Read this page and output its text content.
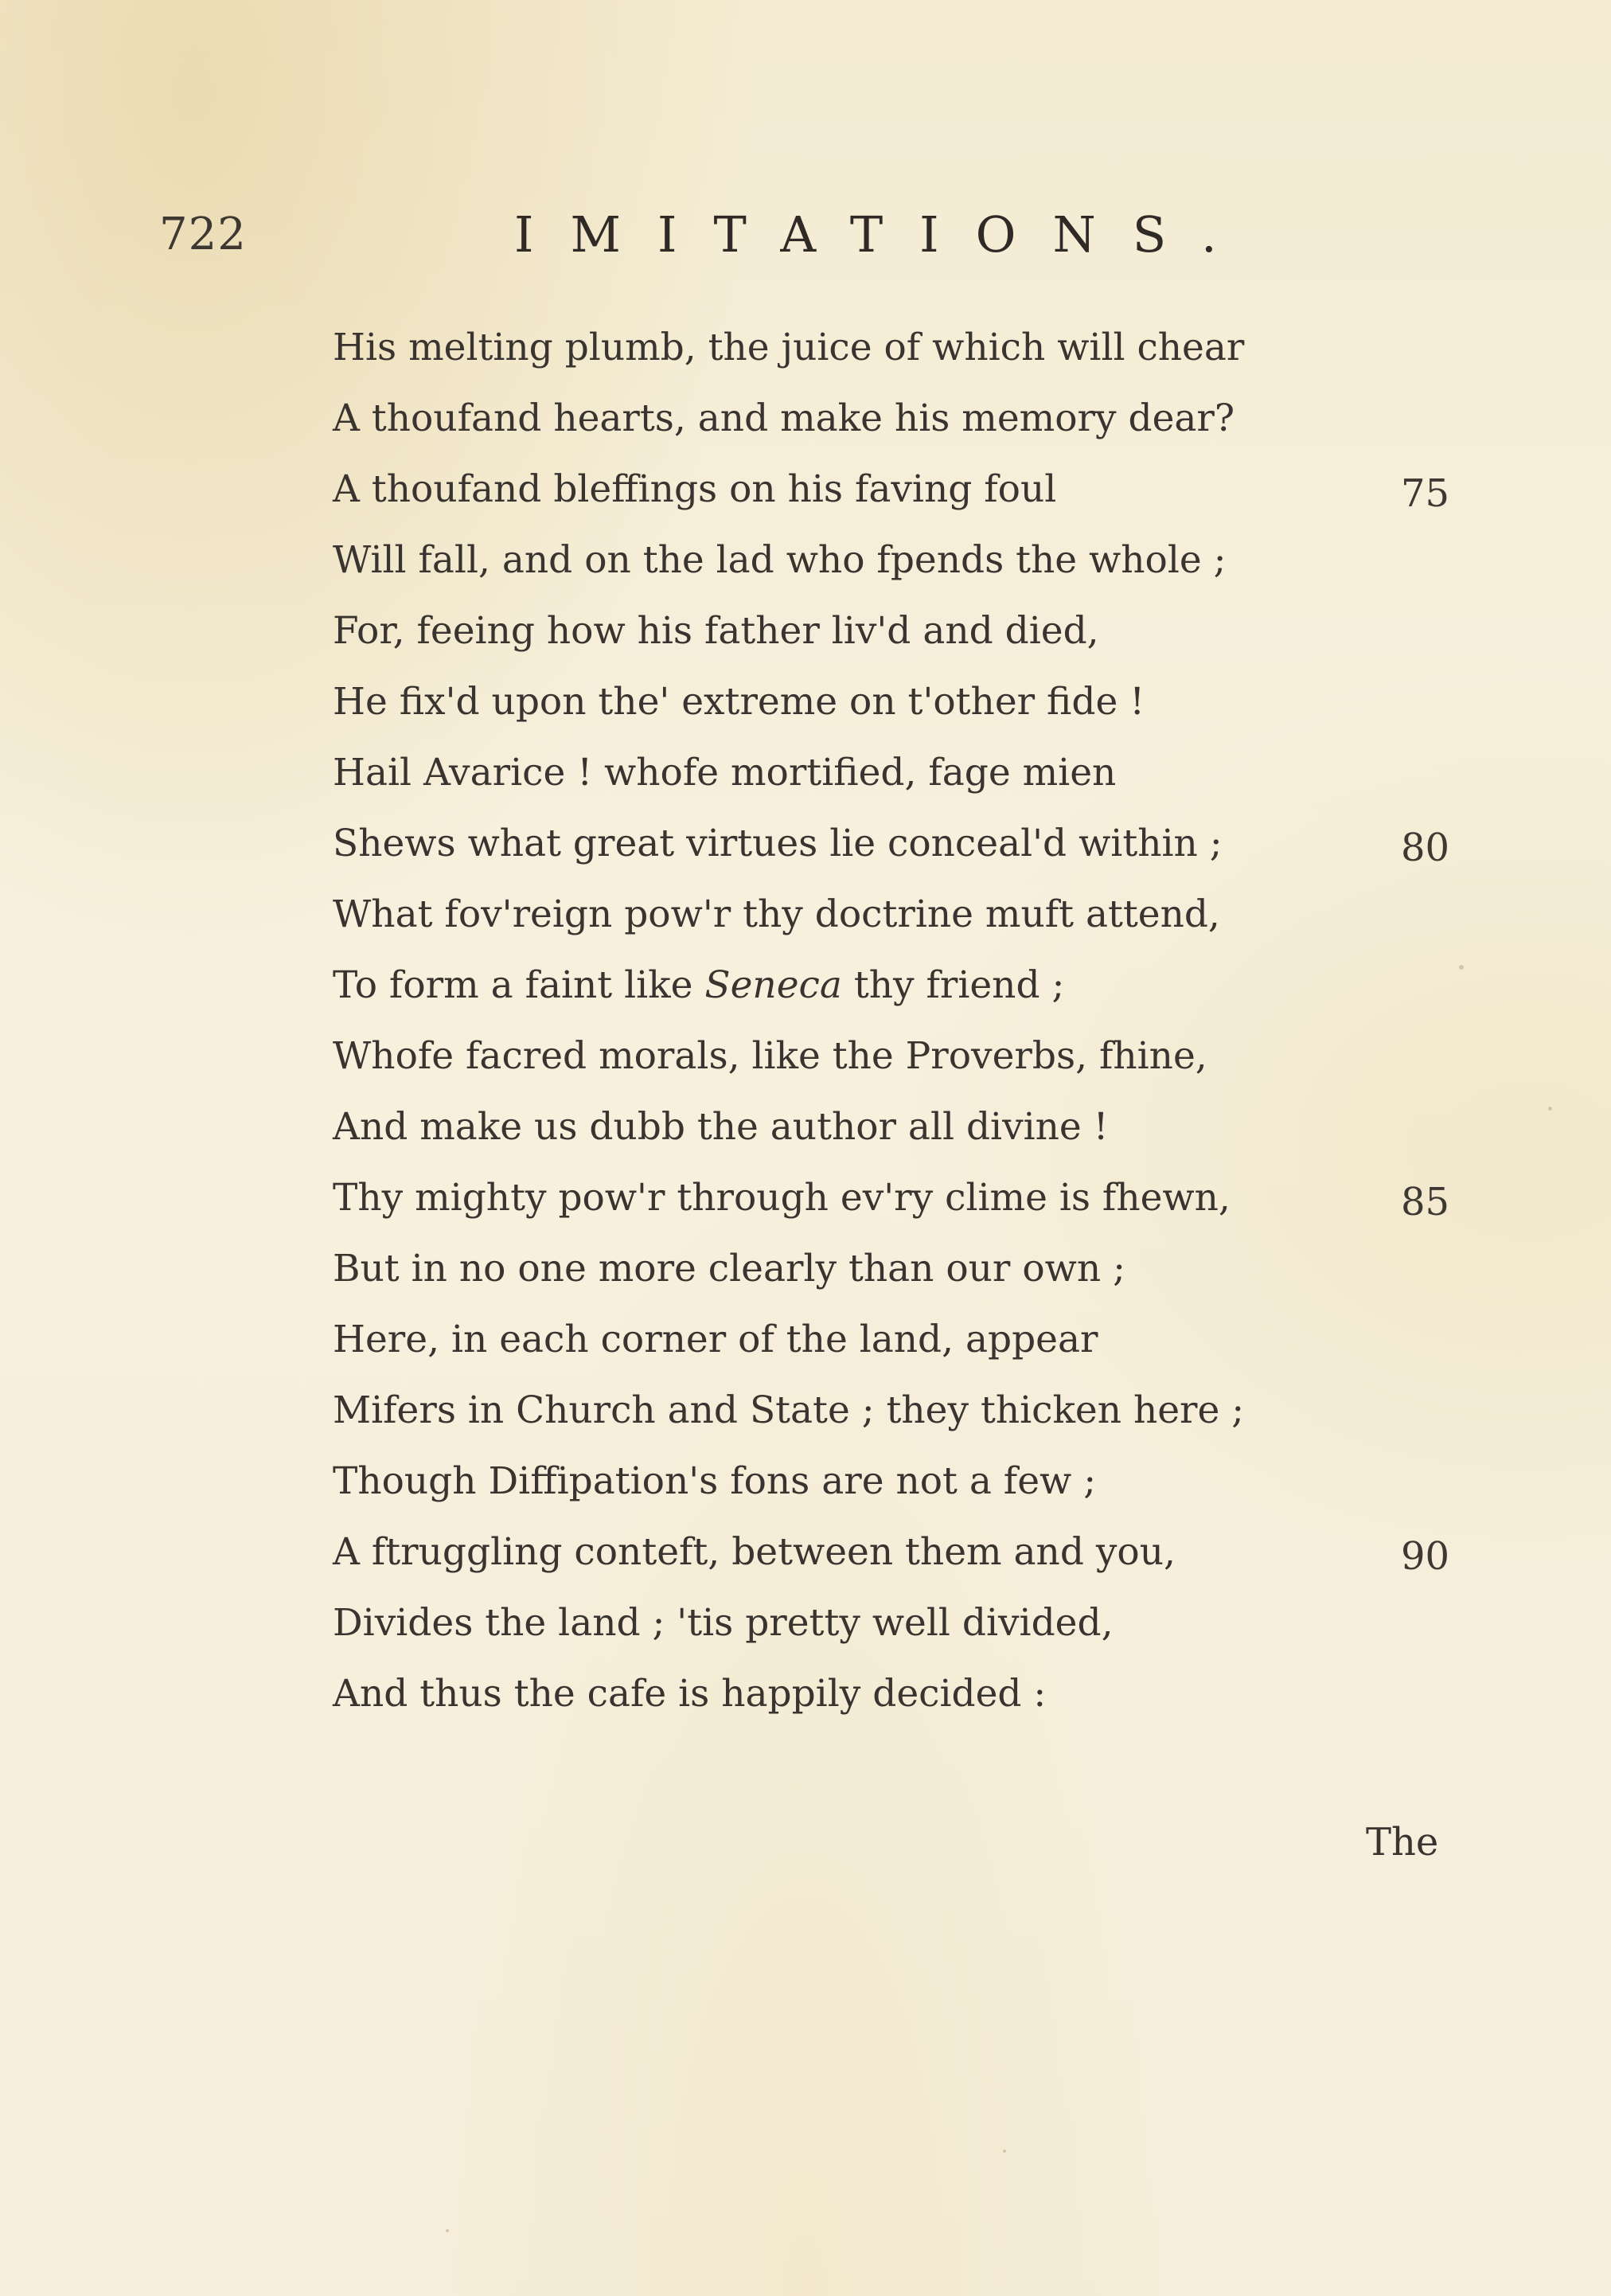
722	IMITATIONS.
His melting plumb, the juice of which will chear
A thoufand hearts, and make his memory dear?
A thoufand bleffings on his faving foul
Will fall, and on the lad who fpends the whole ;
For, feeing how his father liv'd and died,
He fix'd upon the' extreme on t'other fide !
Hail Avarice ! whofe mortified, fage mien
Shews what great virtues lie conceal'd within ;
What fov'reign pow'r thy doctrine muft attend,
To form a faint like Seneca thy friend ;
Whofe facred morals, like the Proverbs, fhine,
And make us dubb the author all divine !
Thy mighty pow'r through ev'ry clime is fhewn,
But in no one more clearly than our own ;
Here, in each corner of the land, appear
Mifers in Church and State ; they thicken here ;
Though Diffipation's fons are not a few ;
A ftruggling conteft, between them and you,
Divides the land ; 'tis pretty well divided,
And thus the cafe is happily decided :
75
80
85
90
The
